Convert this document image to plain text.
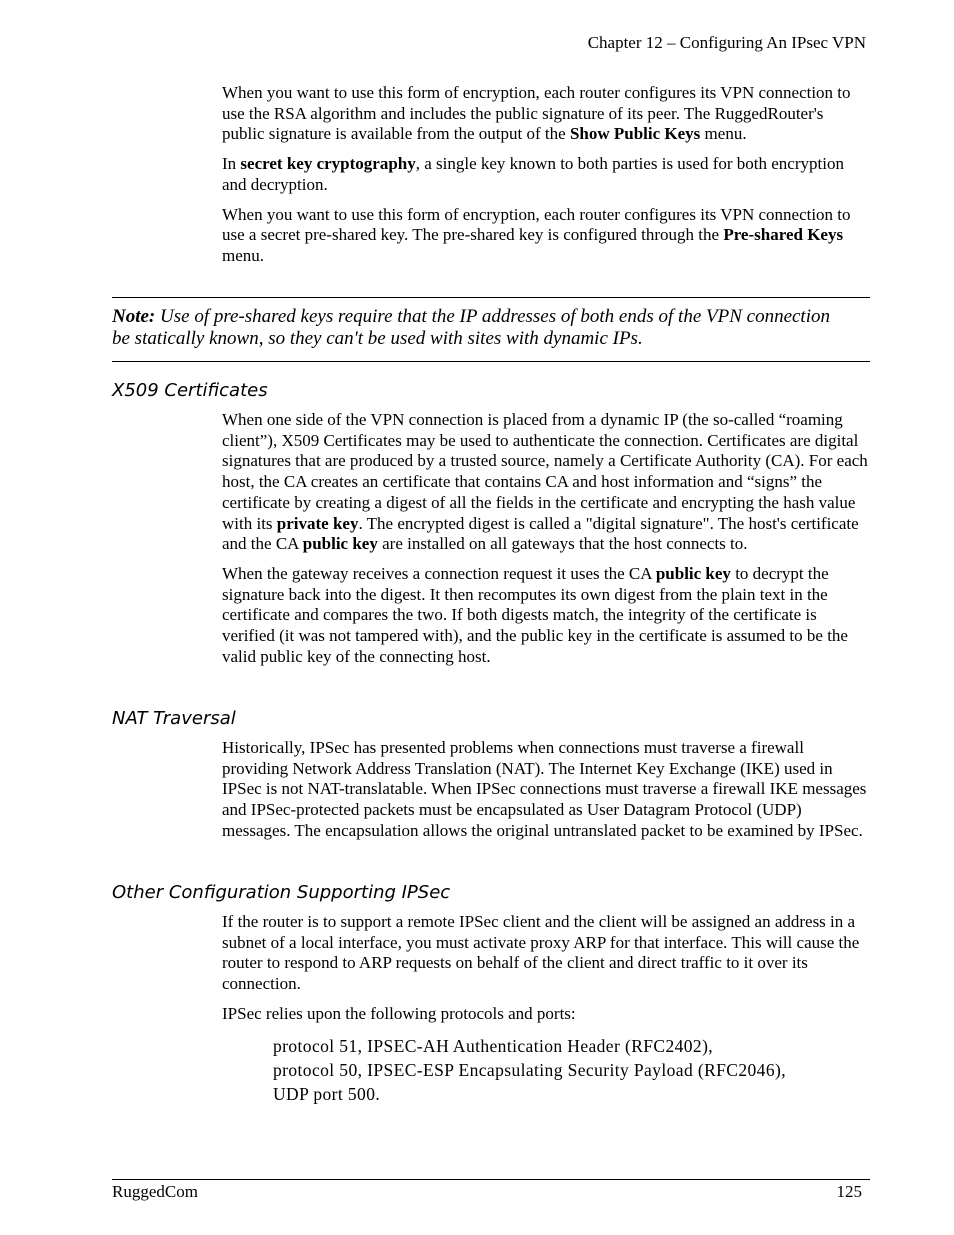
Chapter 12 – Configuring An IPsec VPN

When you want to use this form of encryption, each router configures its VPN connection to use the RSA algorithm and includes the public signature of its peer. The RuggedRouter's public signature is available from the output of the Show Public Keys menu.

In secret key cryptography, a single key known to both parties is used for both encryption and decryption.

When you want to use this form of encryption, each router configures its VPN connection to use a secret pre-shared key. The pre-shared key is configured through the Pre-shared Keys menu.

Note: Use of pre-shared keys require that the IP addresses of both ends of the VPN connection be statically known, so they can't be used with sites with dynamic IPs.
X509 Certificates

When one side of the VPN connection is placed from a dynamic IP (the so-called “roaming client”), X509 Certificates may be used to authenticate the connection. Certificates are digital signatures that are produced by a trusted source, namely a Certificate Authority (CA). For each host, the CA creates an certificate that contains CA and host information and “signs” the certificate by creating a digest of all the fields in the certificate and encrypting the hash value with its private key. The encrypted digest is called a "digital signature". The host's certificate and the CA public key are installed on all gateways that the host connects to.

When the gateway receives a connection request it uses the CA public key to decrypt the signature back into the digest. It then recomputes its own digest from the plain text in the certificate and compares the two. If both digests match, the integrity of the certificate is verified (it was not tampered with), and the public key in the certificate is assumed to be the valid public key of the connecting host.

NAT Traversal

Historically, IPSec has presented problems when connections must traverse a firewall providing Network Address Translation (NAT). The Internet Key Exchange (IKE) used in IPSec is not NAT-translatable. When IPSec connections must traverse a firewall IKE messages and IPSec-protected packets must be encapsulated as User Datagram Protocol (UDP) messages. The encapsulation allows the original untranslated packet to be examined by IPSec.

Other Configuration Supporting IPSec

If the router is to support a remote IPSec client and the client will be assigned an address in a subnet of a local interface, you must activate proxy ARP for that interface. This will cause the router to respond to ARP requests on behalf of the client and direct traffic to it over its connection.

IPSec relies upon the following protocols and ports:

protocol 51, IPSEC-AH Authentication Header (RFC2402),

protocol 50, IPSEC-ESP Encapsulating Security Payload (RFC2046),

UDP port 500.

RuggedCom	125
